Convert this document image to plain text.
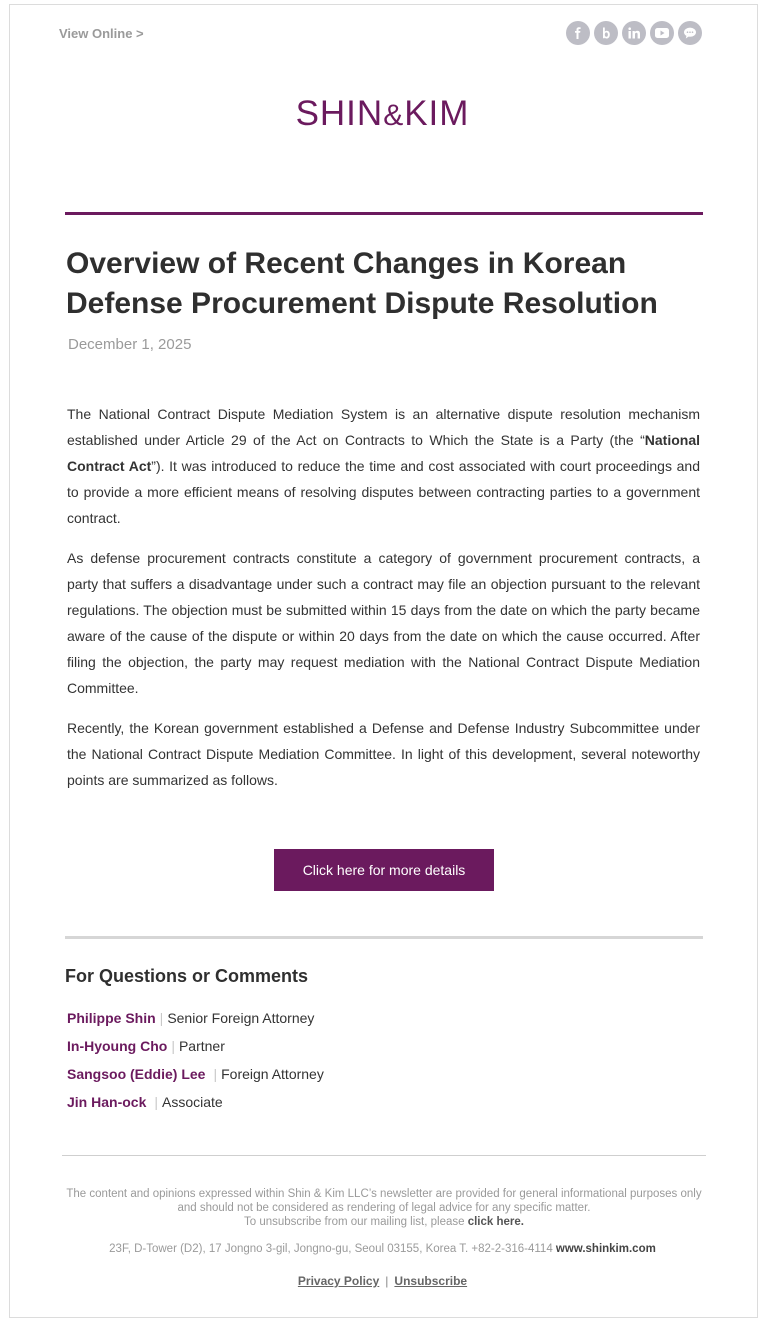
View Online >
SHIN&KIM
Overview of Recent Changes in Korean Defense Procurement Dispute Resolution
December 1, 2025

The National Contract Dispute Mediation System is an alternative dispute resolution mechanism established under Article 29 of the Act on Contracts to Which the State is a Party (the “National Contract Act”). It was introduced to reduce the time and cost associated with court proceedings and to provide a more efficient means of resolving disputes between contracting parties to a government contract.

As defense procurement contracts constitute a category of government procurement contracts, a party that suffers a disadvantage under such a contract may file an objection pursuant to the relevant regulations. The objection must be submitted within 15 days from the date on which the party became aware of the cause of the dispute or within 20 days from the date on which the cause occurred. After filing the objection, the party may request mediation with the National Contract Dispute Mediation Committee.

Recently, the Korean government established a Defense and Defense Industry Subcommittee under the National Contract Dispute Mediation Committee. In light of this development, several noteworthy points are summarized as follows.

Click here for more details
For Questions or Comments
Philippe Shin | Senior Foreign Attorney
In-Hyoung Cho | Partner
Sangsoo (Eddie) Lee | Foreign Attorney
Jin Han-ock | Associate
The content and opinions expressed within Shin & Kim LLC’s newsletter are provided for general informational purposes only and should not be considered as rendering of legal advice for any specific matter.
To unsubscribe from our mailing list, please click here.
23F, D-Tower (D2), 17 Jongno 3-gil, Jongno-gu, Seoul 03155, Korea T. +82-2-316-4114 www.shinkim.com
Privacy Policy | Unsubscribe
